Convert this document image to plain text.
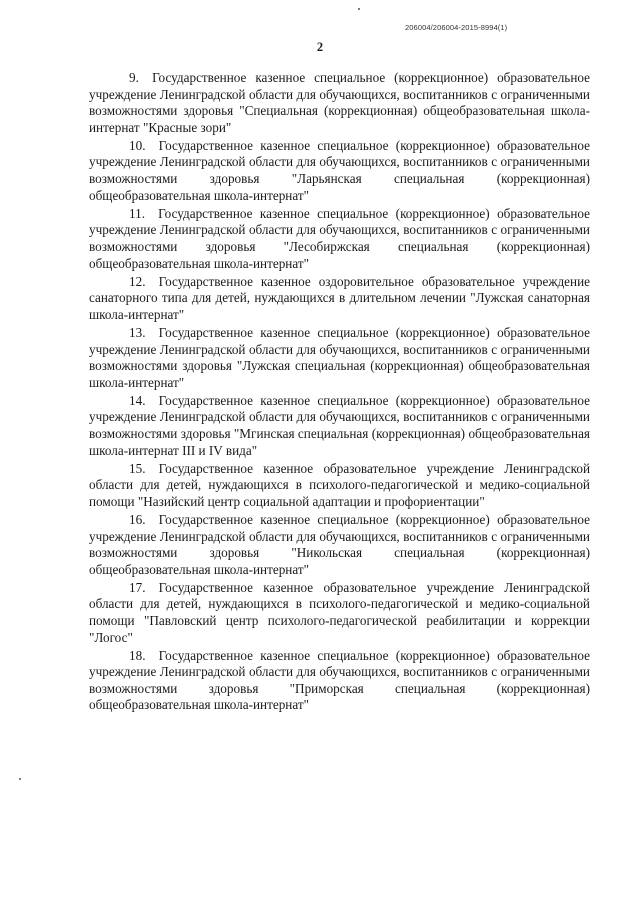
206004/206004-2015-8994(1)
2

9. Государственное казенное специальное (коррекционное) образовательное учреждение Ленинградской области для обучающихся, воспитанников с ограниченными возможностями здоровья "Специальная (коррекционная) общеобразовательная школа-интернат "Красные зори"

10. Государственное казенное специальное (коррекционное) образовательное учреждение Ленинградской области для обучающихся, воспитанников с ограниченными возможностями здоровья "Ларьянская специальная (коррекционная) общеобразовательная школа-интернат"

11. Государственное казенное специальное (коррекционное) образовательное учреждение Ленинградской области для обучающихся, воспитанников с ограниченными возможностями здоровья "Лесобиржская специальная (коррекционная) общеобразовательная школа-интернат"

12. Государственное казенное оздоровительное образовательное учреждение санаторного типа для детей, нуждающихся в длительном лечении "Лужская санаторная школа-интернат"

13. Государственное казенное специальное (коррекционное) образовательное учреждение Ленинградской области для обучающихся, воспитанников с ограниченными возможностями здоровья "Лужская специальная (коррекционная) общеобразовательная школа-интернат"

14. Государственное казенное специальное (коррекционное) образовательное учреждение Ленинградской области для обучающихся, воспитанников с ограниченными возможностями здоровья "Мгинская специальная (коррекционная) общеобразовательная школа-интернат III и IV вида"

15. Государственное казенное образовательное учреждение Ленинградской области для детей, нуждающихся в психолого-педагогической и медико-социальной помощи "Назийский центр социальной адаптации и профориентации"

16. Государственное казенное специальное (коррекционное) образовательное учреждение Ленинградской области для обучающихся, воспитанников с ограниченными возможностями здоровья "Никольская специальная (коррекционная) общеобразовательная школа-интернат"

17. Государственное казенное образовательное учреждение Ленинградской области для детей, нуждающихся в психолого-педагогической и медико-социальной помощи "Павловский центр психолого-педагогической реабилитации и коррекции "Логос"

18. Государственное казенное специальное (коррекционное) образовательное учреждение Ленинградской области для обучающихся, воспитанников с ограниченными возможностями здоровья "Приморская специальная (коррекционная) общеобразовательная школа-интернат"
